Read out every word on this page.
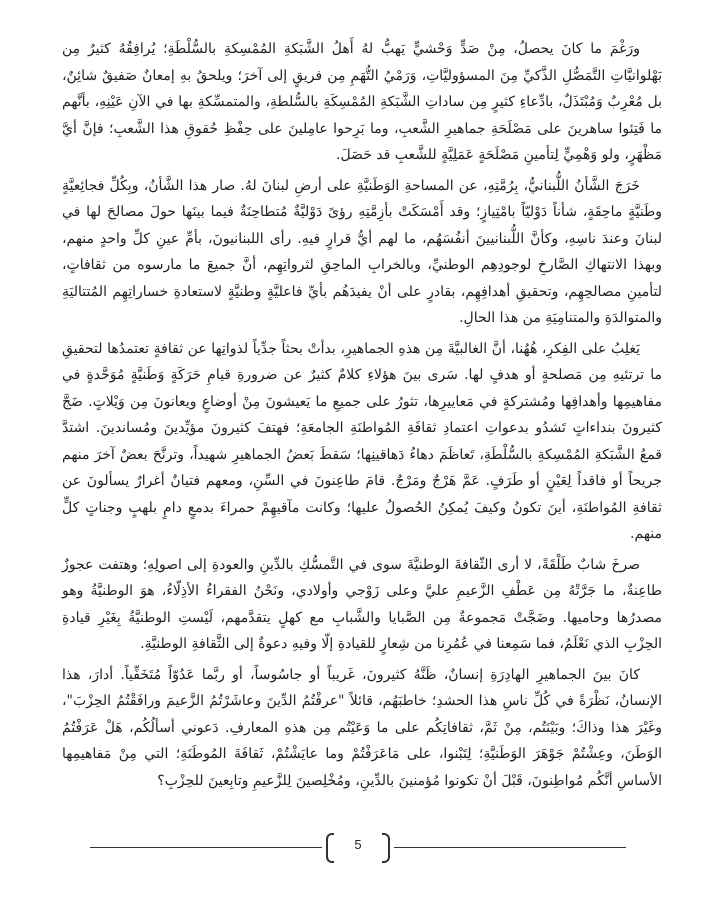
ورَغْمَ ما كانَ يحصلُ، مِنْ صَدٍّ وَحْشيٍّ يَهبُّ لهُ أَهلُ الشَّبَكةِ المُمْسِكةِ بالسُّلْطَةِ؛ يُرافِقُهُ كثيرٌ مِن بَهْلوانيَّاتِ التَّمَصُّلِ الذَّكيِّ مِنَ المسؤوليَّاتِ، وَرَمْيُ التُّهَمِ مِن فريقٍ إلى آخرَ؛ ويلحقُ بهِ إمعانٌ صَفيقٌ شائِنٌ، بل مُعْرِبٌ وَمُبْتَذَلٌ، بادِّعاءِ كثيرٍ مِن ساداتِ الشَّبَكةِ المُمْسِكَةِ بالسُّلطةِ، والمتمسِّكةِ بها في الآنِ عَيْنِهِ، بأنَّهم ما فَتِئوا ساهرينَ على مَصْلَحَةِ جماهيرِ الشَّعبِ، وما بَرِحوا عامِلينَ على حِفْظِ حُقوقِ هذا الشَّعبِ؛ فإنَّ أيَّ مَظْهَرٍ، ولو وَهْمِيٍّ لِتأمينِ مَصْلَحَةٍ عَمَلِيَّةٍ للشَّعبِ قد حَصَلَ.

خَرَجَ الشَّأنُ اللُّبنانيُّ، بِرُمَّتِهِ، عن المساحةِ الوَطَنيَّةِ على أرضِ لبنانَ لهُ. صار هذا الشَّأنُ، وبِكُلِّ فجائِعيَّةٍ وطَنيَّةٍ ماحِقَةٍ، شأناً دَوْليّاً بامْتِيازٍ؛ وقد أَمْسَكَتْ بأزِمَّتِهِ رؤىً دَوْليَّةٌ مُتطاحِنَةٌ فيما بينَها حولَ مصالحَ لها في لبنانَ وعندَ ناسِهِ، وكأنَّ اللُّبنانيينَ أنفُسَهُم، ما لهم أيُّ قرارٍ فيهِ. رأى اللبنانيونَ، بأمِّ عينِ كلِّ واحدٍ منهم، وبهذا الانتهاكِ الصَّارخِ لوجودِهِم الوطنيِّ، وبالخرابِ الماحِقِ لثرواتِهِم، أنَّ جميعَ ما مارسوه من ثقافاتٍ، لتأمينِ مصالحِهِم، وتحقيقِ أهدافِهِم، بقادرٍ على أنْ يفيدَهُم بأيِّ فاعليَّةٍ وطنيَّةٍ لاستعادةِ خساراتِهِم المُتتاليَةِ والمتوالدَةِ والمتنامِيَةِ من هذا الحالِ.

يَغلِبُ على الفِكرِ، هُهُنا، أنَّ الغالبيَّةَ مِن هذهِ الجماهيرِ، بدأتْ بحثاً جدِّياً لذواتِها عن ثقافةٍ تعتمدُها لتحقيقِ ما ترتئيهِ مِن مَصلحةٍ أو هدفٍ لها. سَرى بينَ هؤلاءِ كلامٌ كثيرٌ عن ضرورةِ قيامِ حَرَكَةٍ وَطَنيَّةٍ مُوَحَّدةٍ في مفاهيمِها وأهدافِها ومُشتركةٍ في مَعاييرِها، تثورُ على جميعِ ما يَعيشونَ مِنْ أوضاعٍ ويعانونَ مِن وَيْلاتٍ. ضَجَّ كثيرونَ بنداءاتٍ تَشدُو بدعواتِ اعتمادِ ثقافَةِ المُواطنَةِ الجامعَةِ؛ فهتفَ كثيرونَ مؤيِّدينَ ومُساندينَ. اشتدَّ قمعُ الشَّبَكةِ المُمْسِكةِ بالسُّلْطَةِ، تَعاظَمَ دهاءُ دَهاقينِها؛ سَقطَ بَعضُ الجماهيرِ شهيداً، وترنَّحَ بعضٌ آخرَ منهم جريحاً أو فاقداً لِعَيْنٍ أو طَرَفٍ. عَمَّ هَرْجٌ ومَرْجٌ. قامَ طاعِنونَ في السِّنِ، ومعهم فتيانٌ أغرارٌ يسألونَ عن ثقافةِ المُواطنَةِ، أينَ تكونُ وكيفَ يُمكِنُ الحُصولُ عليها؛ وكانت مآقيهِمْ حمراءَ بدمعٍ دامٍ بلهبٍ وجناتٍ كلٍّ منهم.

صرخَ شابٌ طَلْقَةً، لا أرى الثّقافةَ الوطنيَّةَ سوى في التَّمسُّكِ بالدِّينِ والعودةِ إلى اصولِهِ؛ وهتفت عجوزٌ طاعِنةٌ، ما جَرَّتْهُ مِن عَطْفِ الزَّعيمِ عليَّ وعلى زَوْجي وأولادي، ونَحْنُ الفقراءُ الأذِلّاءُ، هوَ الوطنيَّةُ وهو مصدرُها وحاميها. وضَجَّتْ مَجموعةٌ مِن الصَّبايا والشَّبابِ مع كهلٍ يتقدَّمهم، لَيْستِ الوطنيَّةُ بِغَيْرِ قيادةِ الحِزْبِ الذي نَعْلَمُ، فما سَمِعنا في عُمُرِنا من شِعارٍ للقيادةِ إلّا وفيهِ دعوةٌ إلى الثَّقافةِ الوطنيَّةِ.

كانَ بينَ الجماهيرِ الهادِرَةِ إنسانٌ، ظَنَّهُ كثيرونَ، غَريباً أو جاسُوساً، أو ربَّما عَدُوّاً مُتَخَفِّياً. أدارَ، هذا الإنسانُ، نَظْرَةً في كُلِّ ناسِ هذا الحشدِ؛ خاطبَهُم، قائلاً "عرفْتُمُ الدِّينَ وعاشَرْتُمُ الزَّعيمَ ورافَقْتُمُ الحِزْبَ"، وغَيْرَ هذا وذاكَ؛ وبَيْنَتُم، مِنْ ثَمَّ، ثقافاتِكُم على ما وَعَيْتُم مِن هذهِ المعارفِ. دَعوني أسألُكُم، هَلْ عَرَفْتُمُ الوَطَنَ، وعِشْتُمْ جَوْهَرَ الوَطَنيَّةِ؛ لِتَبْنوا، على مَاعَرَفْتُمْ وما عايَشْتُمْ، ثَقافَةَ المُوطَنَةِ؛ التي مِنْ مَفاهيمِها الأساسِ أنَّكُم مُواطِنونَ، قَبْلَ أنْ تكونوا مُؤمنينَ بالدِّينِ، ومُخْلِصينَ لِلزَّعيمِ وتابِعينَ للحِزْبِ؟

5
